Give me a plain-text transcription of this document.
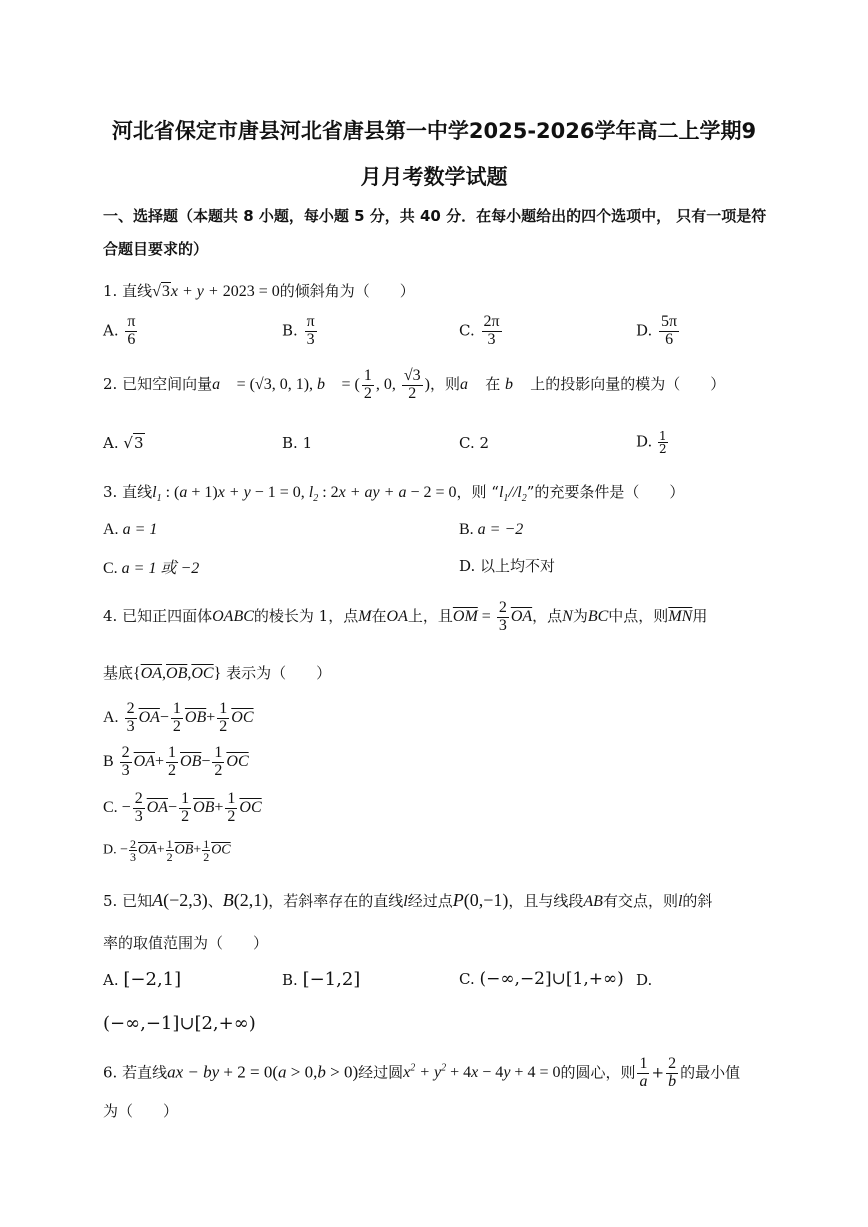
河北省保定市唐县河北省唐县第一中学2025-2026学年高二上学期9
月月考数学试题
一、选择题（本题共 8 小题，每小题 5 分，共 40 分．在每小题给出的四个选项中， 只有一项是符
合题目要求的）
1. 直线√3x + y + 2023 = 0的倾斜角为（ ）
A. $\frac{\pi}{6}$	B. $\frac{\pi}{3}$	C. $\frac{2\pi}{3}$	D. $\frac{5\pi}{6}$
2. 已知空间向量a⃗ = (√3, 0, 1), b⃗ = ( $\frac{1}{2}$ , 0, $\frac{√3}{2}$ )，则a⃗ 在 b⃗ 上的投影向量的模为（ ）
A. √3	B. 1	C. 2	D. $\frac{1}{2}$
3. 直线$l_1$ : (a + 1)x + y − 1 = 0, $l_2$ : 2x + ay + a − 2 = 0，则 “$l_1//l_2$”的充要条件是（ ）
A. a = 1	B. a = −2
C. a = 1 或 −2	D. 以上均不对
4. 已知正四面体OABC的棱长为 1，点M在OA上，且$\overline{OM} = \frac{2}{3} \overline{OA}$，点N为BC中点，则$\overline{MN}$用
基底$\{\overline{OA},\overline{OB},\overline{OC}\}$ 表示为（ ）
A. $\frac{2}{3} \overline{OA}- \frac{1}{2} \overline{OB}+ \frac{1}{2} \overline{OC}$
B $\frac{2}{3} \overline{OA}+ \frac{1}{2} \overline{OB}- \frac{1}{2} \overline{OC}$
C. − $\frac{2}{3} \overline{OA}- \frac{1}{2} \overline{OB}+ \frac{1}{2} \overline{OC}$
D. − $\frac{2}{3} \overline{OA}+ \frac{1}{2} \overline{OB}+ \frac{1}{2} \overline{OC}$
5. 已知A(−2,3)、B(2,1)，若斜率存在的直线l经过点P(0,−1)，且与线段AB有交点，则l的斜
率的取值范围为（ ）
A. [−2,1]	B. [−1,2]	C. (−∞,−2]∪[1,+∞) D.
(−∞,−1]∪[2,+∞)
6. 若直线ax − by + 2 = 0(a > 0,b > 0)经过圆$x^2 + y^2 + 4x - 4y + 4 = 0$的圆心，则 $\frac{1}{a} + \frac{2}{b}$ 的最小值
为（ ）
